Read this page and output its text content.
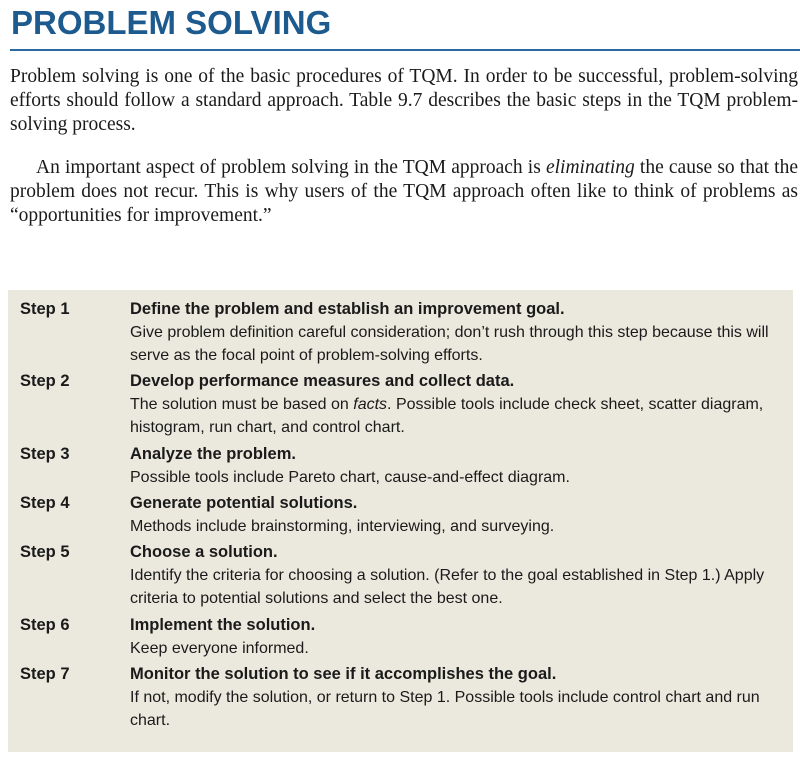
PROBLEM SOLVING

Problem solving is one of the basic procedures of TQM. In order to be successful, problem-solving efforts should follow a standard approach. Table 9.7 describes the basic steps in the TQM problem-solving process.

An important aspect of problem solving in the TQM approach is eliminating the cause so that the problem does not recur. This is why users of the TQM approach often like to think of problems as “opportunities for improvement.”

Step 1	Define the problem and establish an improvement goal.
Give problem definition careful consideration; don’t rush through this step because this will serve as the focal point of problem-solving efforts.
Step 2	Develop performance measures and collect data.
The solution must be based on facts. Possible tools include check sheet, scatter diagram, histogram, run chart, and control chart.
Step 3	Analyze the problem.
Possible tools include Pareto chart, cause-and-effect diagram.
Step 4	Generate potential solutions.
Methods include brainstorming, interviewing, and surveying.
Step 5	Choose a solution.
Identify the criteria for choosing a solution. (Refer to the goal established in Step 1.) Apply criteria to potential solutions and select the best one.
Step 6	Implement the solution.
Keep everyone informed.
Step 7	Monitor the solution to see if it accomplishes the goal.
If not, modify the solution, or return to Step 1. Possible tools include control chart and run chart.
